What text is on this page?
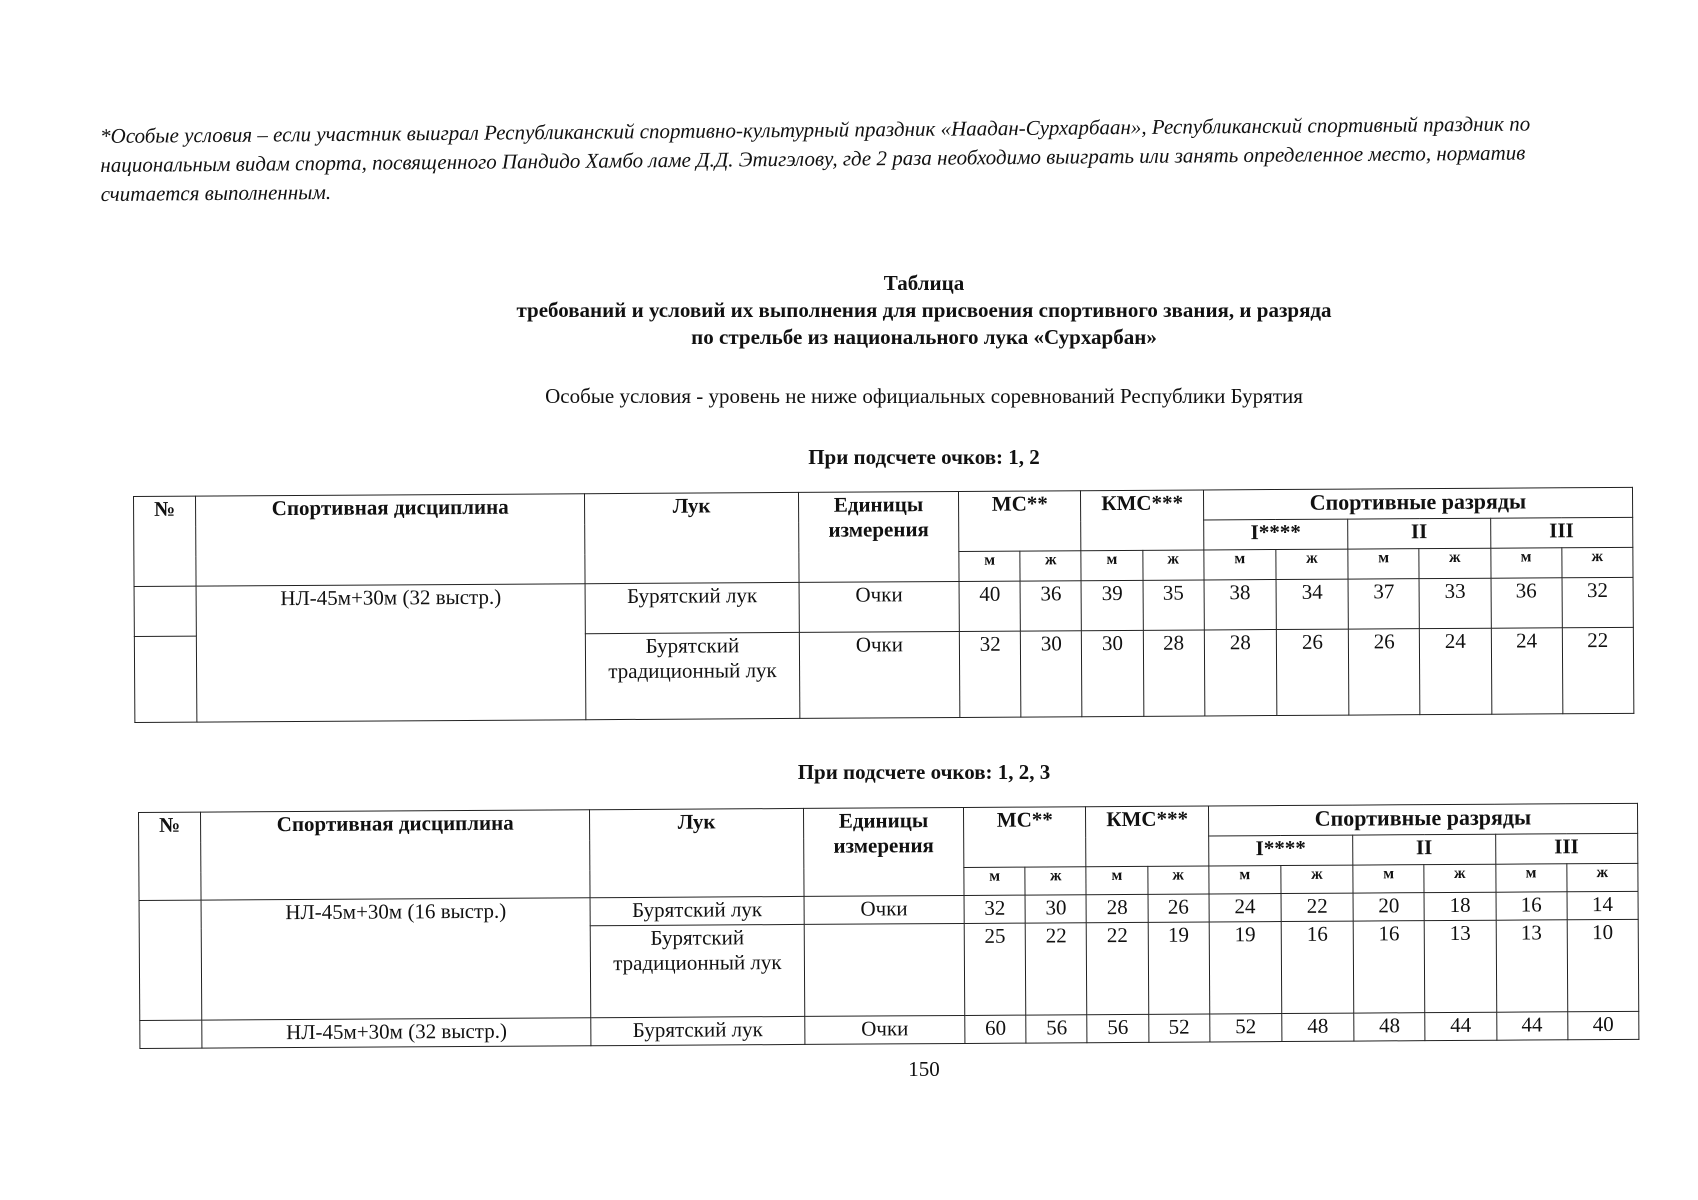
*Особые условия – если участник выиграл Республиканский спортивно-культурный праздник «Наадан-Сурхарбаан», Республиканский спортивный праздник по национальным видам спорта, посвященного Пандидо Хамбо ламе Д.Д. Этигэлову, где 2 раза необходимо выиграть или занять определенное место, норматив считается выполненным.
Таблица
требований и условий их выполнения для присвоения спортивного звания, и разряда
по стрельбе из национального лука «Сурхарбан»
Особые условия - уровень не ниже официальных соревнований Республики Бурятия
При подсчете очков: 1, 2
№	Спортивная дисциплина	Лук	Единицы измерения	МС**		КМС***		Спортивные разряды					
								I****		II		III	
				м	ж	м	ж	м	ж	м	ж	м	ж
	НЛ-45м+30м (32 выстр.)	Бурятский лук	Очки	40	36	39	35	38	34	37	33	36	32
		Бурятский традиционный лук	Очки	32	30	30	28	28	26	26	24	24	22
При подсчете очков: 1, 2, 3
№	Спортивная дисциплина	Лук	Единицы измерения	МС**		КМС***		Спортивные разряды					
								I****		II		III	
				м	ж	м	ж	м	ж	м	ж	м	ж
	НЛ-45м+30м (16 выстр.)	Бурятский лук	Очки	32	30	28	26	24	22	20	18	16	14
		Бурятский традиционный лук		25	22	22	19	19	16	16	13	13	10
	НЛ-45м+30м (32 выстр.)	Бурятский лук	Очки	60	56	56	52	52	48	48	44	44	40
150
